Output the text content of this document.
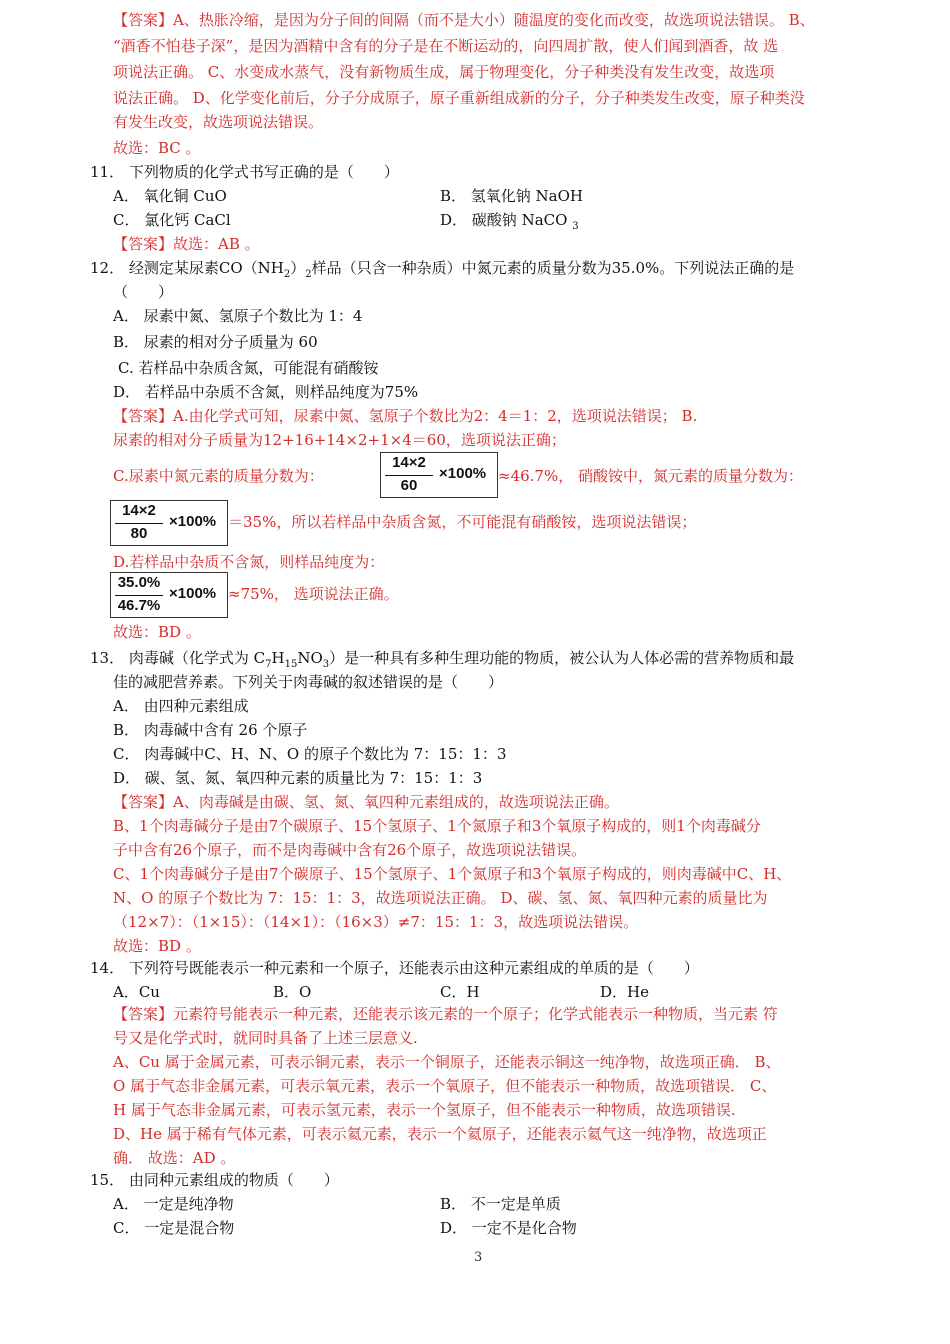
【答案】A、热胀冷缩，是因为分子间的间隔（而不是大小）随温度的变化而改变，故选项说法错误。 B、
“酒香不怕巷子深”，是因为酒精中含有的分子是在不断运动的，向四周扩散，使人们闻到酒香，故 选
项说法正确。 C、水变成水蒸气，没有新物质生成，属于物理变化，分子种类没有发生改变，故选项
说法正确。 D、化学变化前后，分子分成原子，原子重新组成新的分子，分子种类发生改变，原子种类没
有发生改变，故选项说法错误。
故选：BC 。
11． 下列物质的化学式书写正确的是（　　）
A． 氧化铜 CuO	B． 氢氧化钠 NaOH
C． 氯化钙 CaCl	D． 碳酸钠 NaCO $_3$
【答案】故选：AB 。
12． 经测定某尿素$CO(NH_2)_2$样品（只含一种杂质）中氮元素的质量分数为35.0%。下列说法正确的是
（　　）
A． 尿素中氮、氢原子个数比为 1：4
B． 尿素的相对分子质量为 60
C. 若样品中杂质含氮，可能混有硝酸铵
D． 若样品中杂质不含氮，则样品纯度为75%
【答案】A.由化学式可知，尿素中氮、氢原子个数比为2：4＝1：2，选项说法错误； B.
尿素的相对分子质量为12+16+14×2+1×4＝60，选项说法正确；
C.尿素中氮元素的质量分数为：
14×2
60
×100% ≈46.7%， 硝酸铵中，氮元素的质量分数为：
14×2
80
×100% ＝35%，所以若样品中杂质含氮，不可能混有硝酸铵，选项说法错误；
D.若样品中杂质不含氮，则样品纯度为：
35.0%
46.7%
×100% ≈75%， 选项说法正确。
故选：BD 。
13． 肉毒碱（化学式为 $C_7H_{15}NO_3$）是一种具有多种生理功能的物质，被公认为人体必需的营养物质和最
佳的减肥营养素。下列关于肉毒碱的叙述错误的是（　　）
A． 由四种元素组成
B． 肉毒碱中含有 26 个原子
C． 肉毒碱中C、H、N、O 的原子个数比为 7：15：1：3
D． 碳、氢、氮、氧四种元素的质量比为 7：15：1：3
【答案】A、肉毒碱是由碳、氢、氮、氧四种元素组成的，故选项说法正确。
B、1个肉毒碱分子是由7个碳原子、15个氢原子、1个氮原子和3个氧原子构成的，则1个肉毒碱分
子中含有26个原子，而不是肉毒碱中含有26个原子，故选项说法错误。
C、1个肉毒碱分子是由7个碳原子、15个氢原子、1个氮原子和3个氧原子构成的，则肉毒碱中C、H、
N、O 的原子个数比为 7：15：1：3，故选项说法正确。 D、碳、氢、氮、氧四种元素的质量比为
（12×7）：（1×15）：（14×1）：（16×3）≠7：15：1：3，故选项说法错误。
故选：BD 。
14． 下列符号既能表示一种元素和一个原子，还能表示由这种元素组成的单质的是（　　）
A．Cu	B．O	C．H	D．He
【答案】元素符号能表示一种元素，还能表示该元素的一个原子；化学式能表示一种物质，当元素 符
号又是化学式时，就同时具备了上述三层意义.
A、Cu 属于金属元素，可表示铜元素，表示一个铜原子，还能表示铜这一纯净物，故选项正确． B、
O 属于气态非金属元素，可表示氧元素，表示一个氧原子，但不能表示一种物质，故选项错误． C、
H 属于气态非金属元素，可表示氢元素，表示一个氢原子，但不能表示一种物质，故选项错误.
D、He 属于稀有气体元素，可表示氦元素，表示一个氦原子，还能表示氦气这一纯净物，故选项正
确． 故选：AD 。
15． 由同种元素组成的物质（　　）
A． 一定是纯净物	B． 不一定是单质
C． 一定是混合物	D． 一定不是化合物
3
